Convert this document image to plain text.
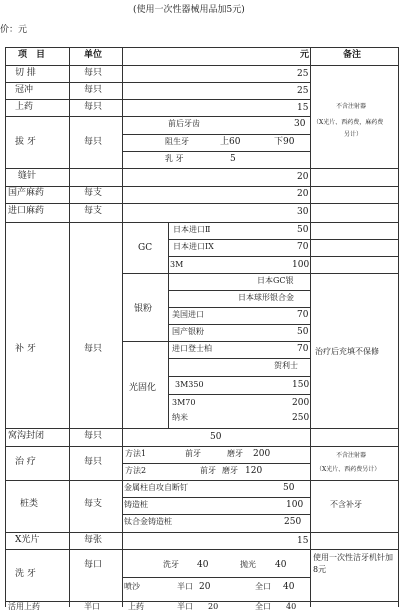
(使用一次性器械用品加5元)
价：元
项　目	单位	元	备注
切 排	每只	25
冠冲	每只	25
上药	每只	15
拔 牙	每只
前后牙齿	30
阻生牙	上60	下90
乳 牙	5
不含注射器
（X光片、西药费，麻药费
另计）
缝针	20
国产麻药	每支	20
进口麻药	每支	30
补 牙	每只
GC
日本进口Ⅱ	50
日本进口IX	70
3M	100
银粉
日本GC银
日本球形银合金
美国进口	70
国产银粉	50
光固化
进口登士柏	70
贺利士
3M350	150
3M70	200
纳米	250
治疗后充填不保修
窝沟封闭	每只	50
治 疗	每只
方法1	前牙	磨牙 200
方法2	前牙 磨牙 120
不含注射器
（X光片、西药费另计）
桩类	每支
金属柱自攻自断钉	50
铸造桩	100
钛合金铸造桩	250
不含补牙
X光片	每张	15
洗 牙
每口	洗牙 40	抛光 40
喷沙	半口 20	全口 40
使用一次性洁牙机针加8元
活用上药	半口	上药	半口 20	全口 40
